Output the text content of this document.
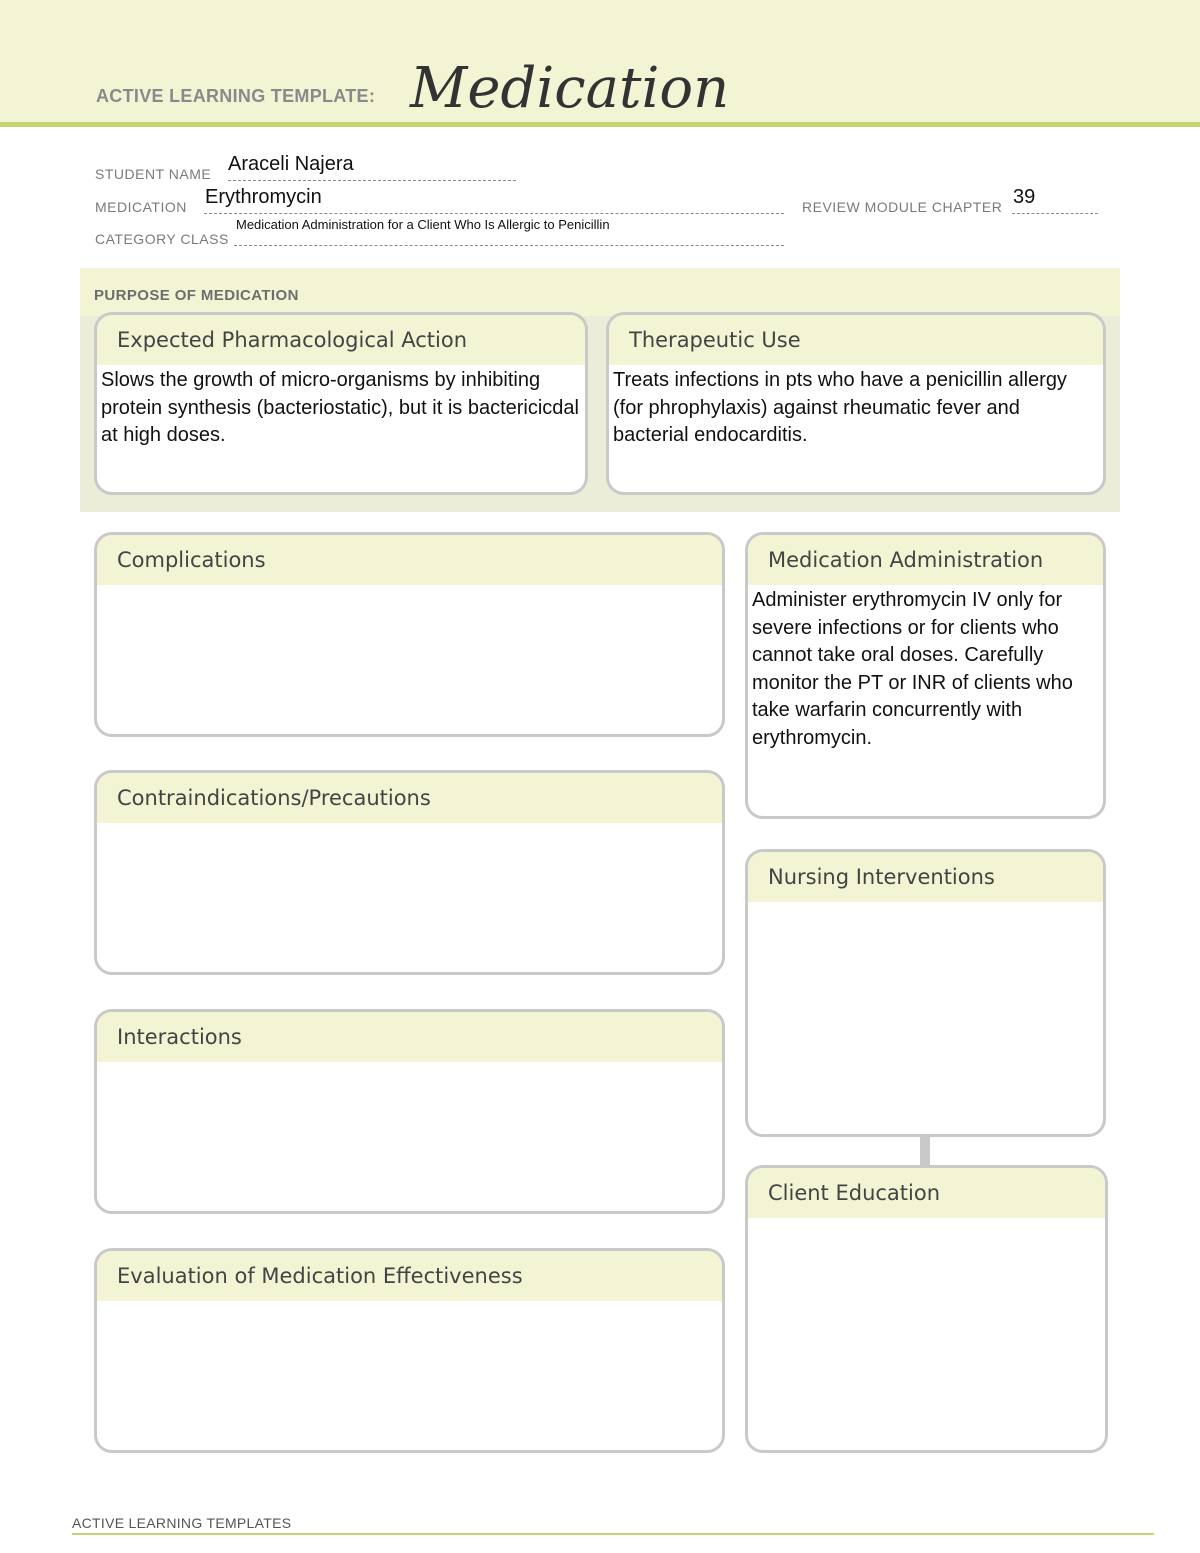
ACTIVE LEARNING TEMPLATE: Medication
STUDENT NAME Araceli Najera
MEDICATION Erythromycin	REVIEW MODULE CHAPTER 39
CATEGORY CLASS
Medication Administration for a Client Who Is Allergic to Penicillin
PURPOSE OF MEDICATION
Expected Pharmacological Action
Slows the growth of micro-organisms by inhibiting protein synthesis (bacteriostatic), but it is bactericicdal at high doses.
Therapeutic Use
Treats infections in pts who have a penicillin allergy (for phrophylaxis) against rheumatic fever and bacterial endocarditis.
Complications
Contraindications/Precautions
Interactions
Evaluation of Medication Effectiveness
Medication Administration
Administer erythromycin IV only for severe infections or for clients who cannot take oral doses. Carefully monitor the PT or INR of clients who take warfarin concurrently with erythromycin.
Nursing Interventions
Client Education
ACTIVE LEARNING TEMPLATES
